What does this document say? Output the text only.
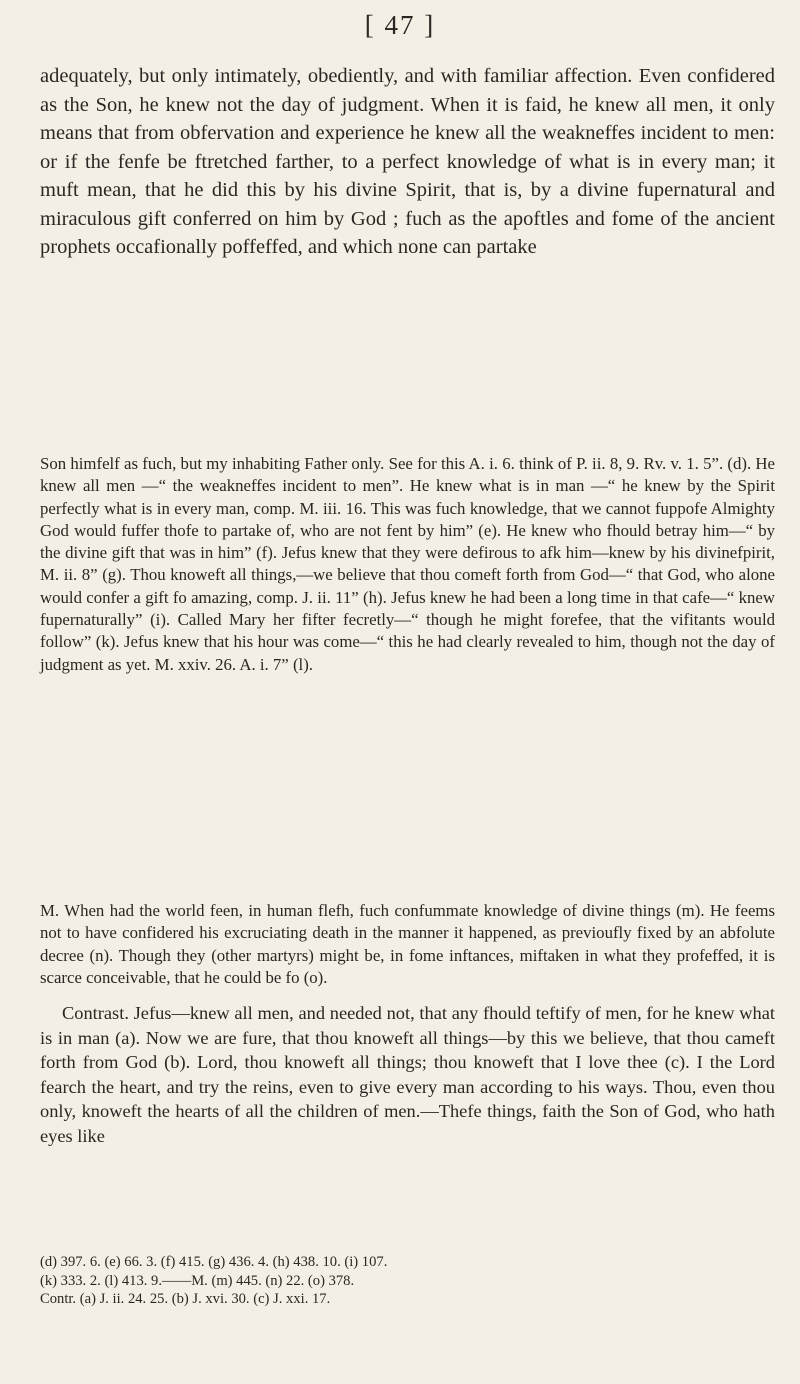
[ 47 ]

adequately, but only intimately, obediently, and with familiar affection. Even confidered as the Son, he knew not the day of judgment. When it is faid, he knew all men, it only means that from obfervation and experience he knew all the weakneffes incident to men: or if the fenfe be ftretched farther, to a perfect knowledge of what is in every man; it muft mean, that he did this by his divine Spirit, that is, by a divine fupernatural and miraculous gift conferred on him by God ; fuch as the apoftles and fome of the ancient prophets occafionally poffeffed, and which none can partake

Son himfelf as fuch, but my inhabiting Father only. See for this A. i. 6. think of P. ii. 8, 9. Rv. v. 1. 5”. (d). He knew all men —“ the weakneffes incident to men”. He knew what is in man —“ he knew by the Spirit perfectly what is in every man, comp. M. iii. 16. This was fuch knowledge, that we cannot fuppofe Almighty God would fuffer thofe to partake of, who are not fent by him” (e). He knew who fhould betray him—“ by the divine gift that was in him” (f). Jefus knew that they were defirous to afk him—knew by his divinefpirit, M. ii. 8” (g). Thou knoweft all things,—we believe that thou comeft forth from God—“ that God, who alone would confer a gift fo amazing, comp. J. ii. 11” (h). Jefus knew he had been a long time in that cafe—“ knew fupernaturally” (i). Called Mary her fifter fecretly—“ though he might forefee, that the vifitants would follow” (k). Jefus knew that his hour was come—“ this he had clearly revealed to him, though not the day of judgment as yet. M. xxiv. 26. A. i. 7” (l).

M. When had the world feen, in human flefh, fuch confummate knowledge of divine things (m). He feems not to have confidered his excruciating death in the manner it happened, as previoufly fixed by an abfolute decree (n). Though they (other martyrs) might be, in fome inftances, miftaken in what they profeffed, it is scarce conceivable, that he could be fo (o).

Contrast. Jefus—knew all men, and needed not, that any fhould teftify of men, for he knew what is in man (a). Now we are fure, that thou knoweft all things—by this we believe, that thou cameft forth from God (b). Lord, thou knoweft all things; thou knoweft that I love thee (c). I the Lord fearch the heart, and try the reins, even to give every man according to his ways. Thou, even thou only, knoweft the hearts of all the children of men.—Thefe things, faith the Son of God, who hath eyes like

(d) 397. 6. (e) 66. 3. (f) 415. (g) 436. 4. (h) 438. 10. (i) 107.
(k) 333. 2. (l) 413. 9.——M. (m) 445. (n) 22. (o) 378.
Contr. (a) J. ii. 24. 25. (b) J. xvi. 30. (c) J. xxi. 17.
